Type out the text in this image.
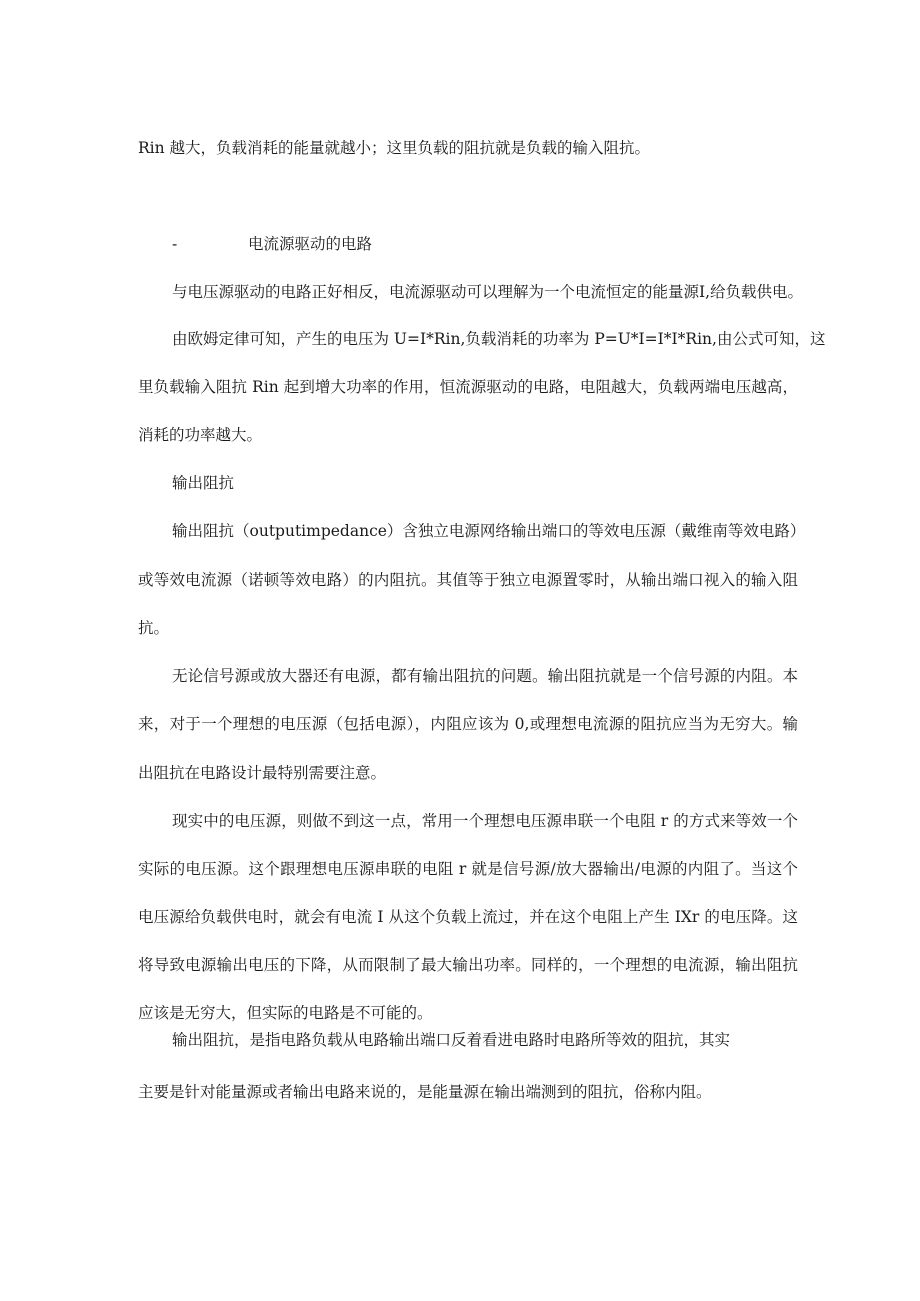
Rin 越大，负载消耗的能量就越小；这里负载的阻抗就是负载的输入阻抗。
-	电流源驱动的电路
与电压源驱动的电路正好相反，电流源驱动可以理解为一个电流恒定的能量源I,给负载供电。
由欧姆定律可知，产生的电压为 U=I*Rin,负载消耗的功率为 P=U*I=I*I*Rin,由公式可知，这
里负载输入阻抗 Rin 起到增大功率的作用，恒流源驱动的电路，电阻越大，负载两端电压越高，
消耗的功率越大。
输出阻抗
输出阻抗（outputimpedance）含独立电源网络输出端口的等效电压源（戴维南等效电路）
或等效电流源（诺顿等效电路）的内阻抗。其值等于独立电源置零时，从输出端口视入的输入阻
抗。
无论信号源或放大器还有电源，都有输出阻抗的问题。输出阻抗就是一个信号源的内阻。本
来，对于一个理想的电压源（包括电源），内阻应该为 0,或理想电流源的阻抗应当为无穷大。输
出阻抗在电路设计最特别需要注意。
现实中的电压源，则做不到这一点，常用一个理想电压源串联一个电阻 r 的方式来等效一个
实际的电压源。这个跟理想电压源串联的电阻 r 就是信号源/放大器输出/电源的内阻了。当这个
电压源给负载供电时，就会有电流 I 从这个负载上流过，并在这个电阻上产生 IXr 的电压降。这
将导致电源输出电压的下降，从而限制了最大输出功率。同样的，一个理想的电流源，输出阻抗
应该是无穷大，但实际的电路是不可能的。
输出阻抗，是指电路负载从电路输出端口反着看进电路时电路所等效的阻抗，其实
主要是针对能量源或者输出电路来说的，是能量源在输出端测到的阻抗，俗称内阻。
